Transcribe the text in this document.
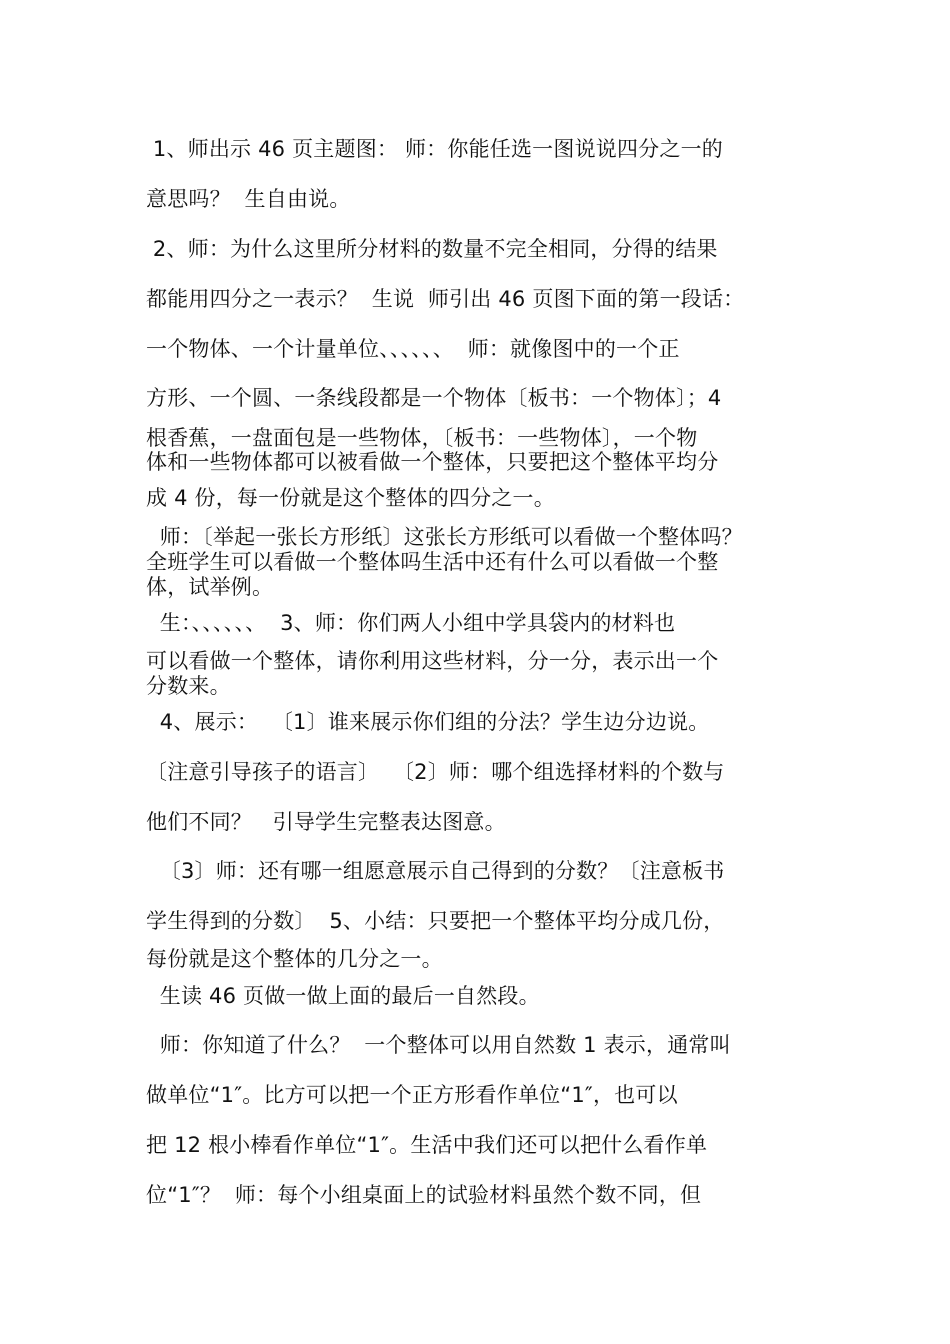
1、师出示 46 页主题图： 师：你能任选一图说说四分之一的

意思吗？  生自由说。

2、师：为什么这里所分材料的数量不完全相同，分得的结果

都能用四分之一表示？  生说  师引出 46 页图下面的第一段话：

一个物体、一个计量单位、、、、、、  师：就像图中的一个正

方形、一个圆、一条线段都是一个物体〔板书：一个物体〕；4

根香蕉，一盘面包是一些物体，〔板书：一些物体〕，一个物

体和一些物体都可以被看做一个整体，只要把这个整体平均分

成 4 份，每一份就是这个整体的四分之一。

师：〔举起一张长方形纸〕这张长方形纸可以看做一个整体吗？

全班学生可以看做一个整体吗生活中还有什么可以看做一个整

体，试举例。

生：、、、、、、  3、师：你们两人小组中学具袋内的材料也

可以看做一个整体，请你利用这些材料，分一分，表示出一个

分数来。

4、展示：  〔1〕谁来展示你们组的分法？学生边分边说。

〔注意引导孩子的语言〕  〔2〕师：哪个组选择材料的个数与

他们不同？   引导学生完整表达图意。

〔3〕师：还有哪一组愿意展示自己得到的分数？〔注意板书

学生得到的分数〕  5、小结：只要把一个整体平均分成几份，

每份就是这个整体的几分之一。

生读 46 页做一做上面的最后一自然段。

师：你知道了什么？  一个整体可以用自然数 1 表示，通常叫

做单位“1″。比方可以把一个正方形看作单位“1″，也可以

把 12 根小棒看作单位“1″。生活中我们还可以把什么看作单

位“1″？  师：每个小组桌面上的试验材料虽然个数不同，但
